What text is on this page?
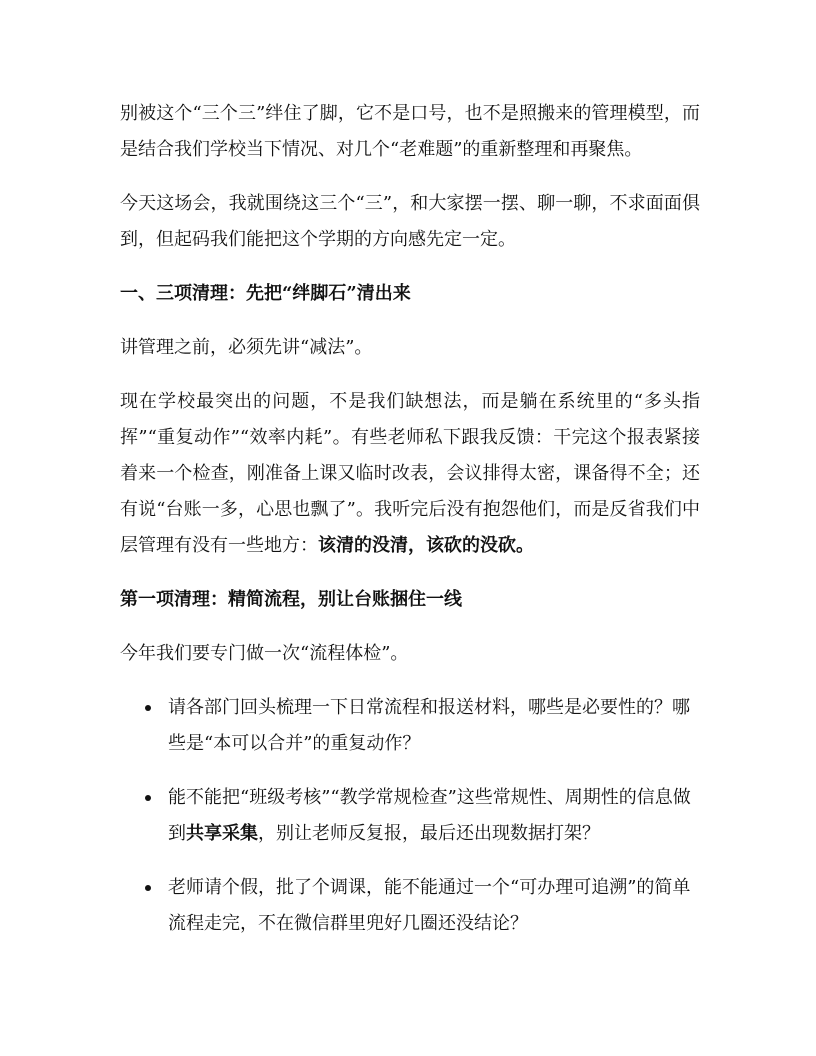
别被这个“三个三”绊住了脚，它不是口号，也不是照搬来的管理模型，而是结合我们学校当下情况、对几个“老难题”的重新整理和再聚焦。

今天这场会，我就围绕这三个“三”，和大家摆一摆、聊一聊，不求面面俱到，但起码我们能把这个学期的方向感先定一定。

一、三项清理：先把“绊脚石”清出来

讲管理之前，必须先讲“减法”。

现在学校最突出的问题，不是我们缺想法，而是躺在系统里的“多头指挥”“重复动作”“效率内耗”。有些老师私下跟我反馈：干完这个报表紧接着来一个检查，刚准备上课又临时改表，会议排得太密，课备得不全；还有说“台账一多，心思也飘了”。我听完后没有抱怨他们，而是反省我们中层管理有没有一些地方：该清的没清，该砍的没砍。

第一项清理：精简流程，别让台账捆住一线

今年我们要专门做一次“流程体检”。

请各部门回头梳理一下日常流程和报送材料，哪些是必要性的？哪些是“本可以合并”的重复动作？
能不能把“班级考核”“教学常规检查”这些常规性、周期性的信息做到共享采集，别让老师反复报，最后还出现数据打架？
老师请个假，批了个调课，能不能通过一个“可办理可追溯”的简单流程走完，不在微信群里兜好几圈还没结论？
